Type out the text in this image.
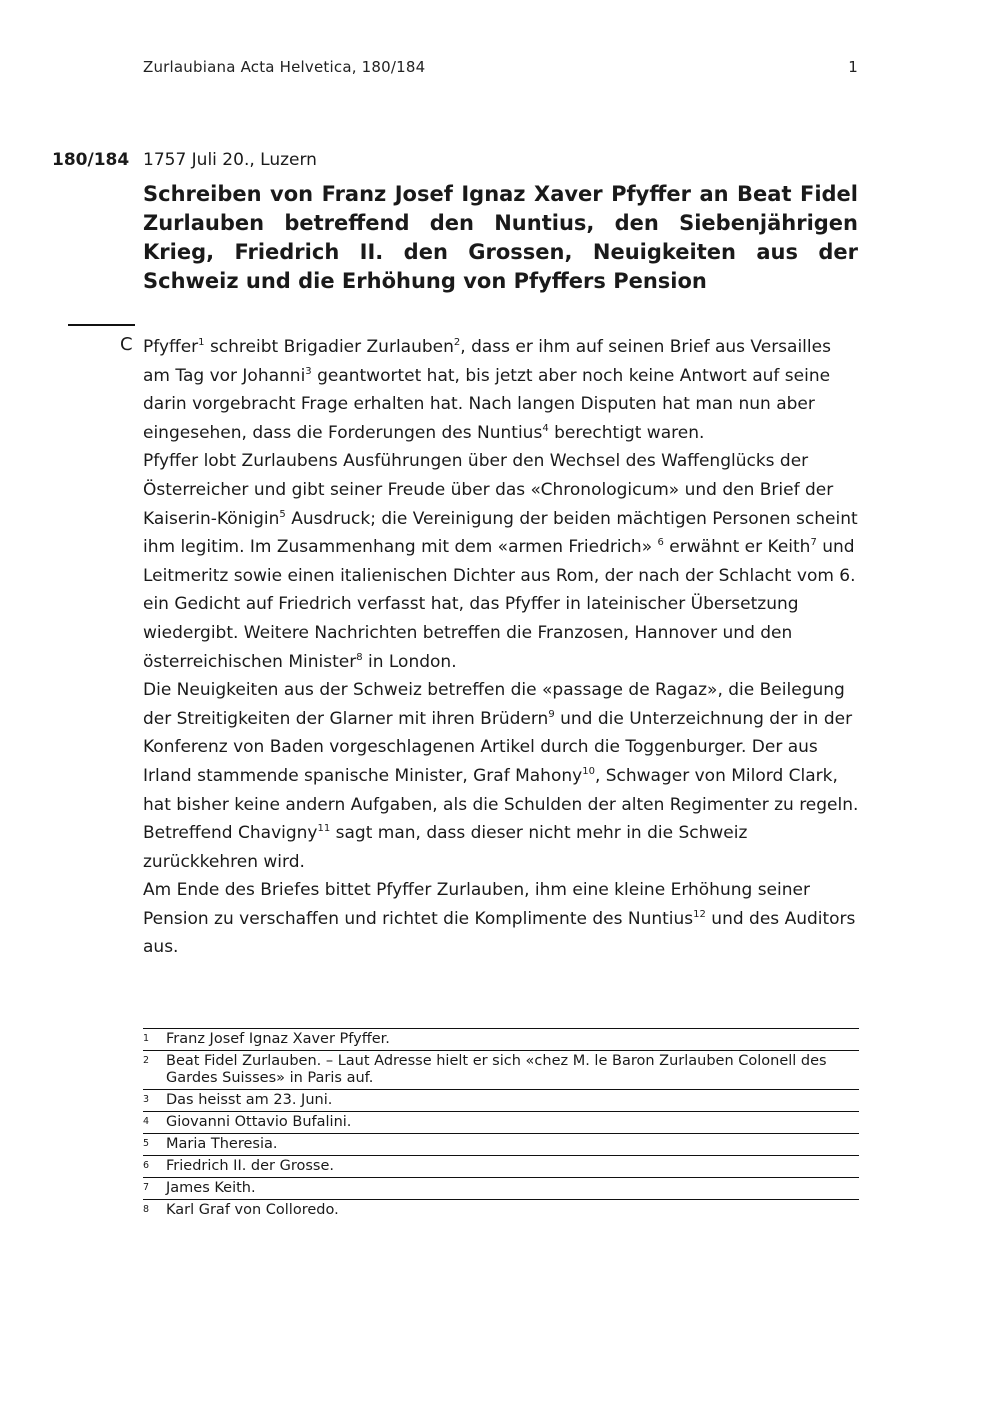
Zurlaubiana Acta Helvetica, 180/184	1
180/184 1757 Juli 20., Luzern
Schreiben von Franz Josef Ignaz Xaver Pfyffer an Beat Fidel Zurlauben betreffend den Nuntius, den Siebenjährigen Krieg, Friedrich II. den Grossen, Neuigkeiten aus der Schweiz und die Erhöhung von Pfyffers Pension
C Pfyffer$^1$ schreibt Brigadier Zurlauben$^2$, dass er ihm auf seinen Brief aus Versailles am Tag vor Johanni$^3$ geantwortet hat, bis jetzt aber noch keine Antwort auf seine darin vorgebracht Frage erhalten hat. Nach langen Disputen hat man nun aber eingesehen, dass die Forderungen des Nuntius$^4$ berechtigt waren.

Pfyffer lobt Zurlaubens Ausführungen über den Wechsel des Waffenglücks der Österreicher und gibt seiner Freude über das «Chronologicum» und den Brief der Kaiserin-Königin$^5$ Ausdruck; die Vereinigung der beiden mächtigen Personen scheint ihm legitim. Im Zusammenhang mit dem «armen Friedrich» $^6$ erwähnt er Keith$^7$ und Leitmeritz sowie einen italienischen Dichter aus Rom, der nach der Schlacht vom 6. ein Gedicht auf Friedrich verfasst hat, das Pfyffer in lateinischer Übersetzung wiedergibt. Weitere Nachrichten betreffen die Franzosen, Hannover und den österreichischen Minister$^8$ in London.

Die Neuigkeiten aus der Schweiz betreffen die «passage de Ragaz», die Beilegung der Streitigkeiten der Glarner mit ihren Brüdern$^9$ und die Unterzeichnung der in der Konferenz von Baden vorgeschlagenen Artikel durch die Toggenburger. Der aus Irland stammende spanische Minister, Graf Mahony$^{10}$, Schwager von Milord Clark, hat bisher keine andern Aufgaben, als die Schulden der alten Regimenter zu regeln. Betreffend Chavigny$^{11}$ sagt man, dass dieser nicht mehr in die Schweiz zurückkehren wird.

Am Ende des Briefes bittet Pfyffer Zurlauben, ihm eine kleine Erhöhung seiner Pension zu verschaffen und richtet die Komplimente des Nuntius$^{12}$ und des Auditors aus.

1 Franz Josef Ignaz Xaver Pfyffer.
2 Beat Fidel Zurlauben. – Laut Adresse hielt er sich «chez M. le Baron Zurlauben Colonell des Gardes Suisses» in Paris auf.
3 Das heisst am 23. Juni.
4 Giovanni Ottavio Bufalini.
5 Maria Theresia.
6 Friedrich II. der Grosse.
7 James Keith.
8 Karl Graf von Colloredo.
